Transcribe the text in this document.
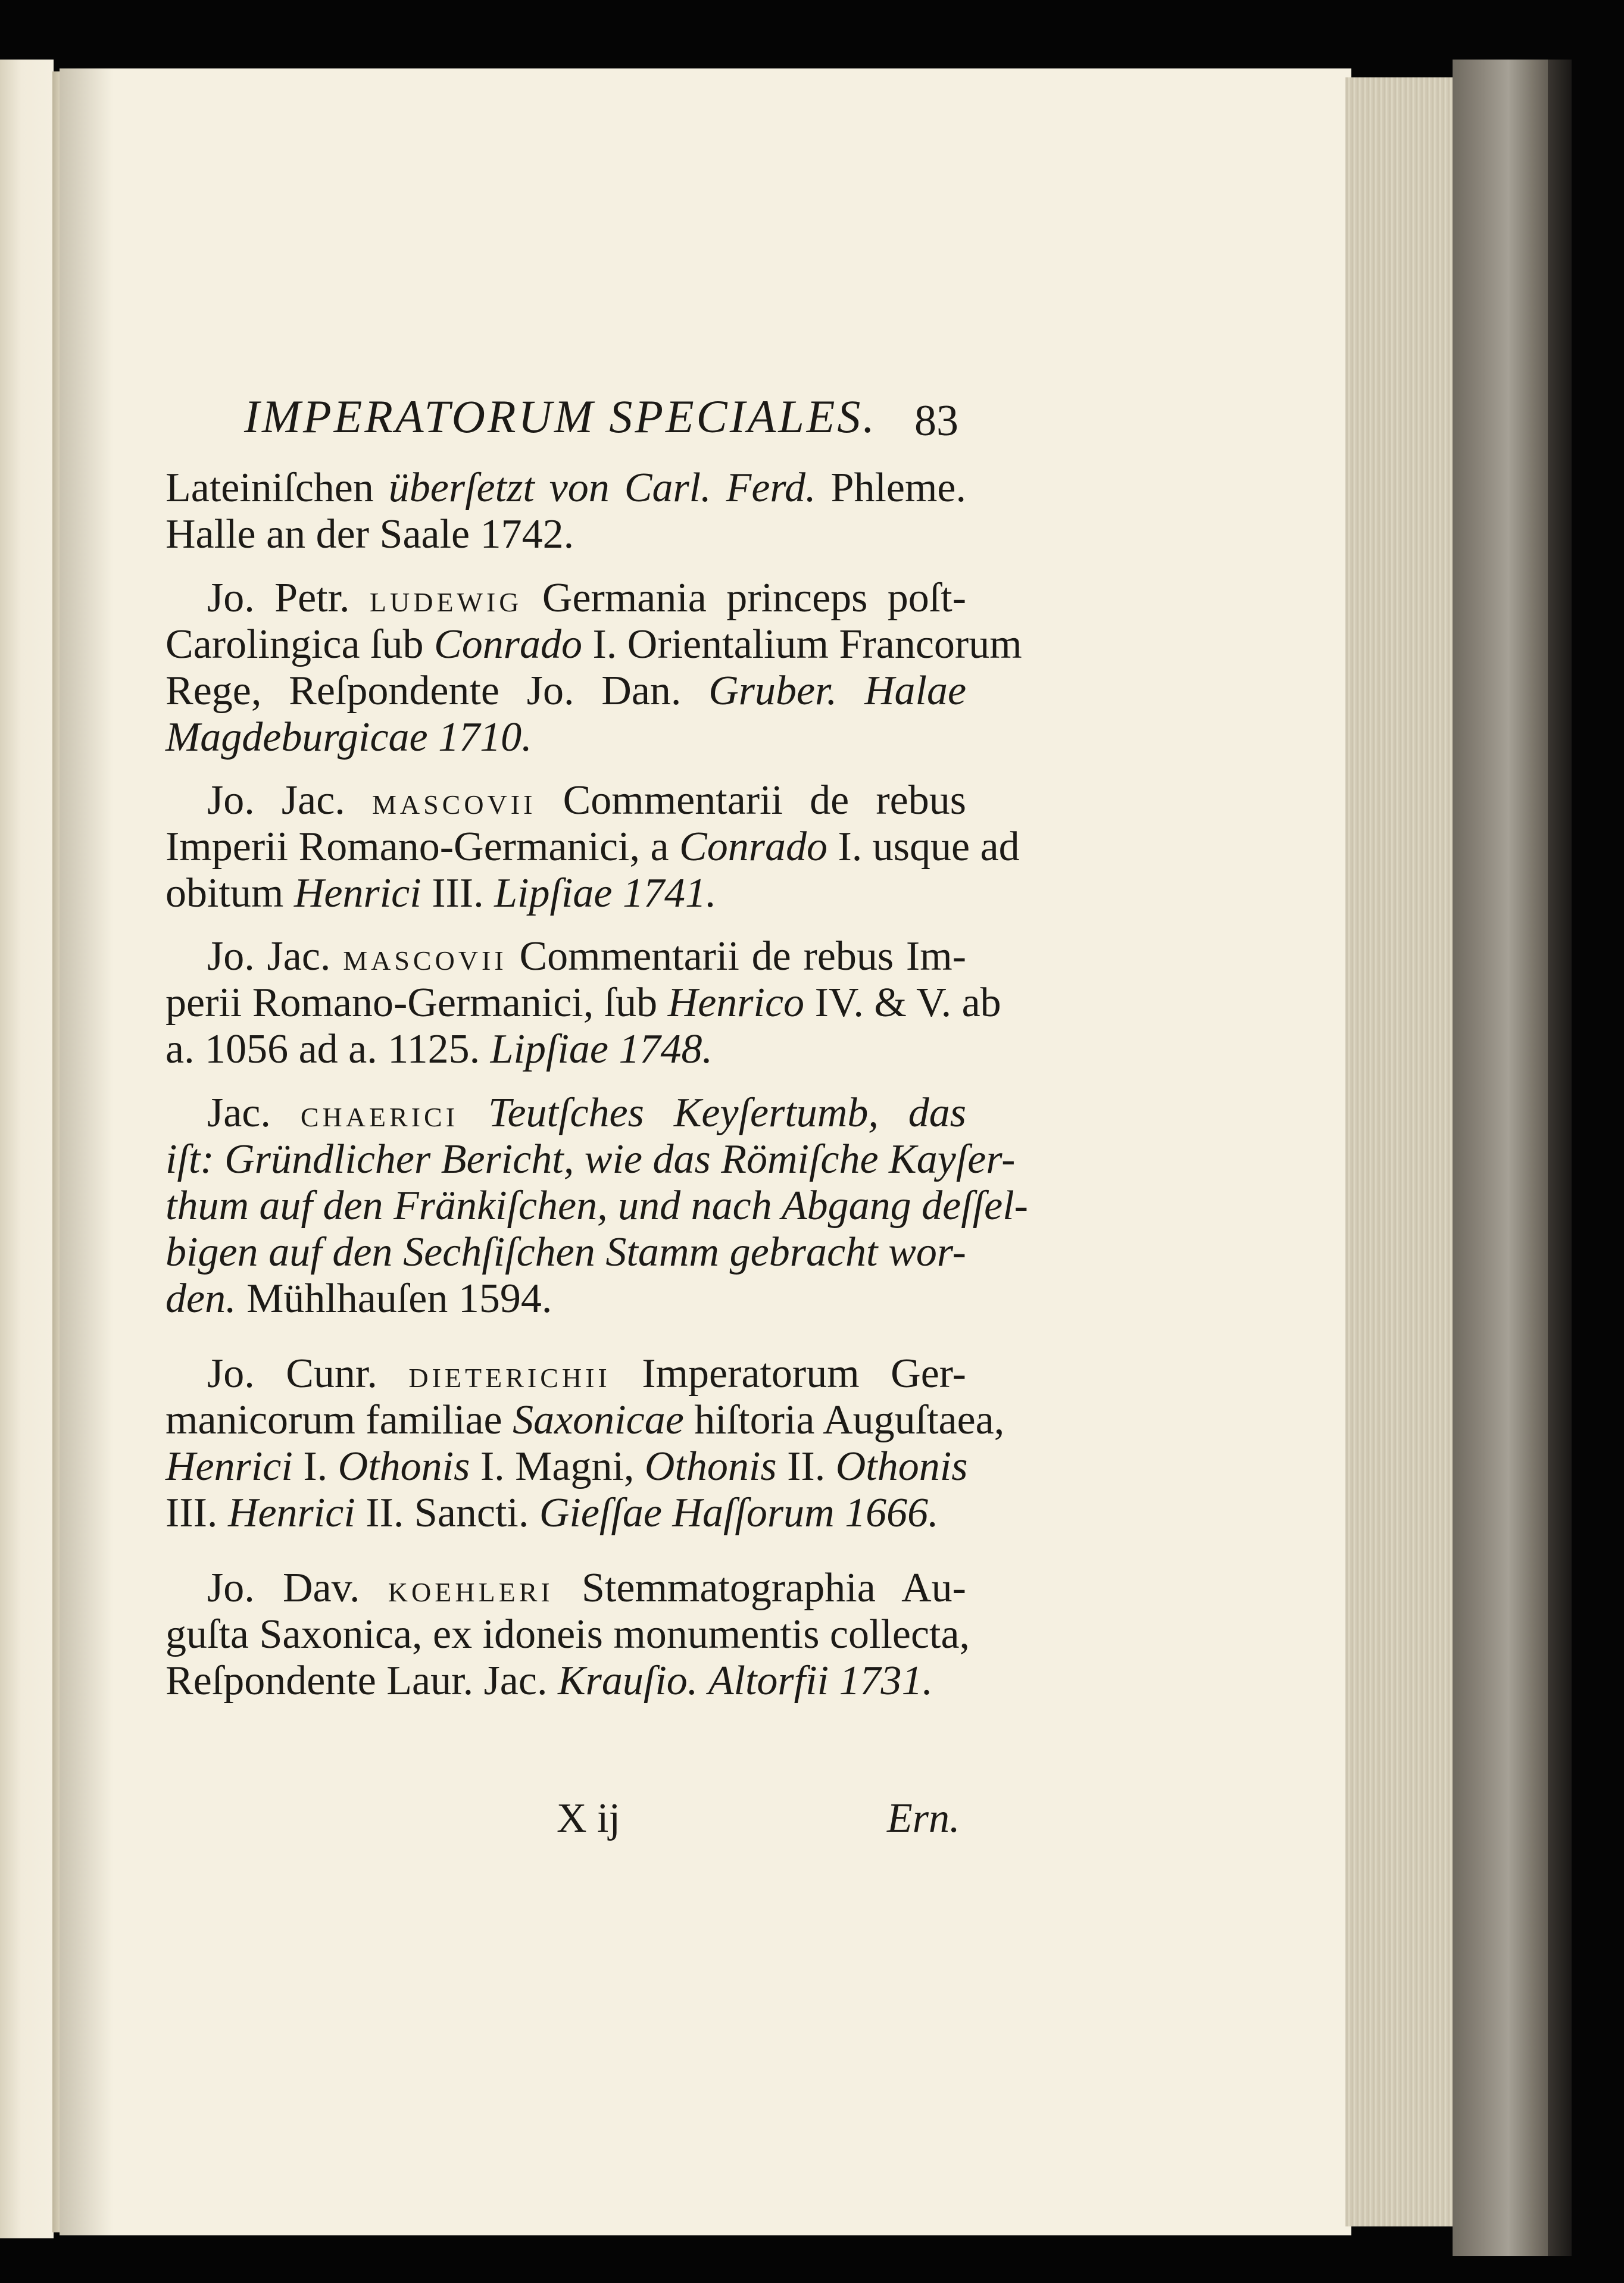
IMPERATORUM SPECIALES. 83
Lateiniſchen überſetzt von Carl. Ferd. Phleme.
Halle an der Saale 1742.
Jo. Petr. LUDEWIG Germania princeps poſt-
Carolingica ſub Conrado I. Orientalium Francorum
Rege, Reſpondente Jo. Dan. Gruber. Halae
Magdeburgicae 1710.
Jo. Jac. MASCOVII Commentarii de rebus
Imperii Romano-Germanici, a Conrado I. usque ad
obitum Henrici III. Lipſiae 1741.
Jo. Jac. MASCOVII Commentarii de rebus Im-
perii Romano-Germanici, ſub Henrico IV. & V. ab
a. 1056 ad a. 1125. Lipſiae 1748.
Jac. CHAERICI Teutſches Keyſertumb, das
iſt: Gründlicher Bericht, wie das Römiſche Kayſer-
thum auf den Fränkiſchen, und nach Abgang deſſel-
bigen auf den Sechſiſchen Stamm gebracht wor-
den. Mühlhauſen 1594.
Jo. Cunr. DIETERICHII Imperatorum Ger-
manicorum familiae Saxonicae hiſtoria Auguſtaea,
Henrici I. Othonis I. Magni, Othonis II. Othonis
III. Henrici II. Sancti. Gieſſae Haſſorum 1666.
Jo. Dav. KOEHLERI Stemmatographia Au-
guſta Saxonica, ex idoneis monumentis collecta,
Reſpondente Laur. Jac. Krauſio. Altorfii 1731.
X ij	Ern.
